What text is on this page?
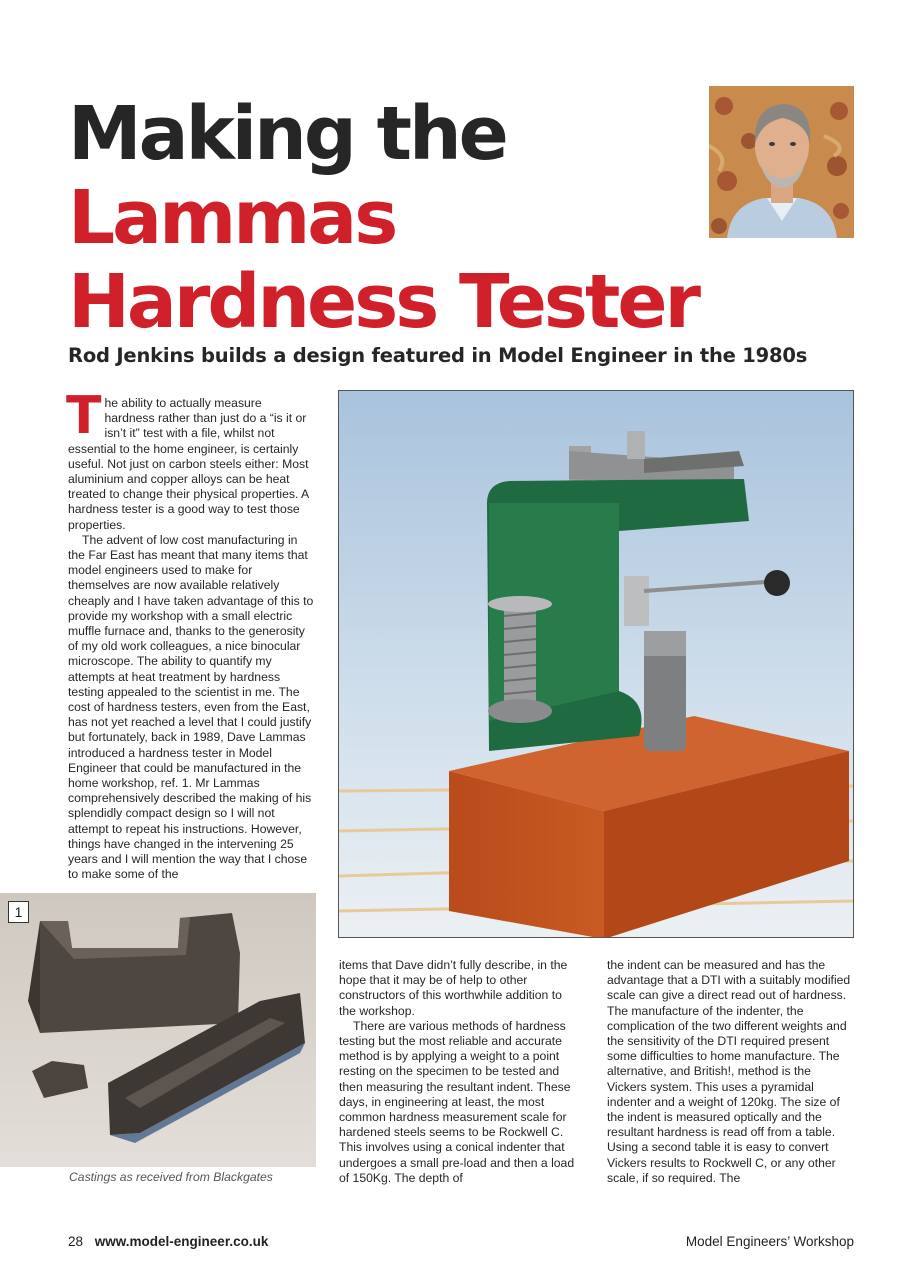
Making the
Lammas
Hardness Tester
Rod Jenkins builds a design featured in Model Engineer in the 1980s

The ability to actually measure hardness rather than just do a “is it or isn’t it” test with a file, whilst not essential to the home engineer, is certainly useful. Not just on carbon steels either: Most aluminium and copper alloys can be heat treated to change their physical properties. A hardness tester is a good way to test those properties.

The advent of low cost manufacturing in the Far East has meant that many items that model engineers used to make for themselves are now available relatively cheaply and I have taken advantage of this to provide my workshop with a small electric muffle furnace and, thanks to the generosity of my old work colleagues, a nice binocular microscope. The ability to quantify my attempts at heat treatment by hardness testing appealed to the scientist in me. The cost of hardness testers, even from the East, has not yet reached a level that I could justify but fortunately, back in 1989, Dave Lammas introduced a hardness tester in Model Engineer that could be manufactured in the home workshop, ref. 1. Mr Lammas comprehensively described the making of his splendidly compact design so I will not attempt to repeat his instructions. However, things have changed in the intervening 25 years and I will mention the way that I chose to make some of the

1
Castings as received from Blackgates

items that Dave didn’t fully describe, in the hope that it may be of help to other constructors of this worthwhile addition to the workshop.

There are various methods of hardness testing but the most reliable and accurate method is by applying a weight to a point resting on the specimen to be tested and then measuring the resultant indent. These days, in engineering at least, the most common hardness measurement scale for hardened steels seems to be Rockwell C. This involves using a conical indenter that undergoes a small pre-load and then a load of 150Kg. The depth of

the indent can be measured and has the advantage that a DTI with a suitably modified scale can give a direct read out of hardness. The manufacture of the indenter, the complication of the two different weights and the sensitivity of the DTI required present some difficulties to home manufacture. The alternative, and British!, method is the Vickers system. This uses a pyramidal indenter and a weight of 120kg. The size of the indent is measured optically and the resultant hardness is read off from a table. Using a second table it is easy to convert Vickers results to Rockwell C, or any other scale, if so required. The

28 www.model-engineer.co.uk	Model Engineers’ Workshop
